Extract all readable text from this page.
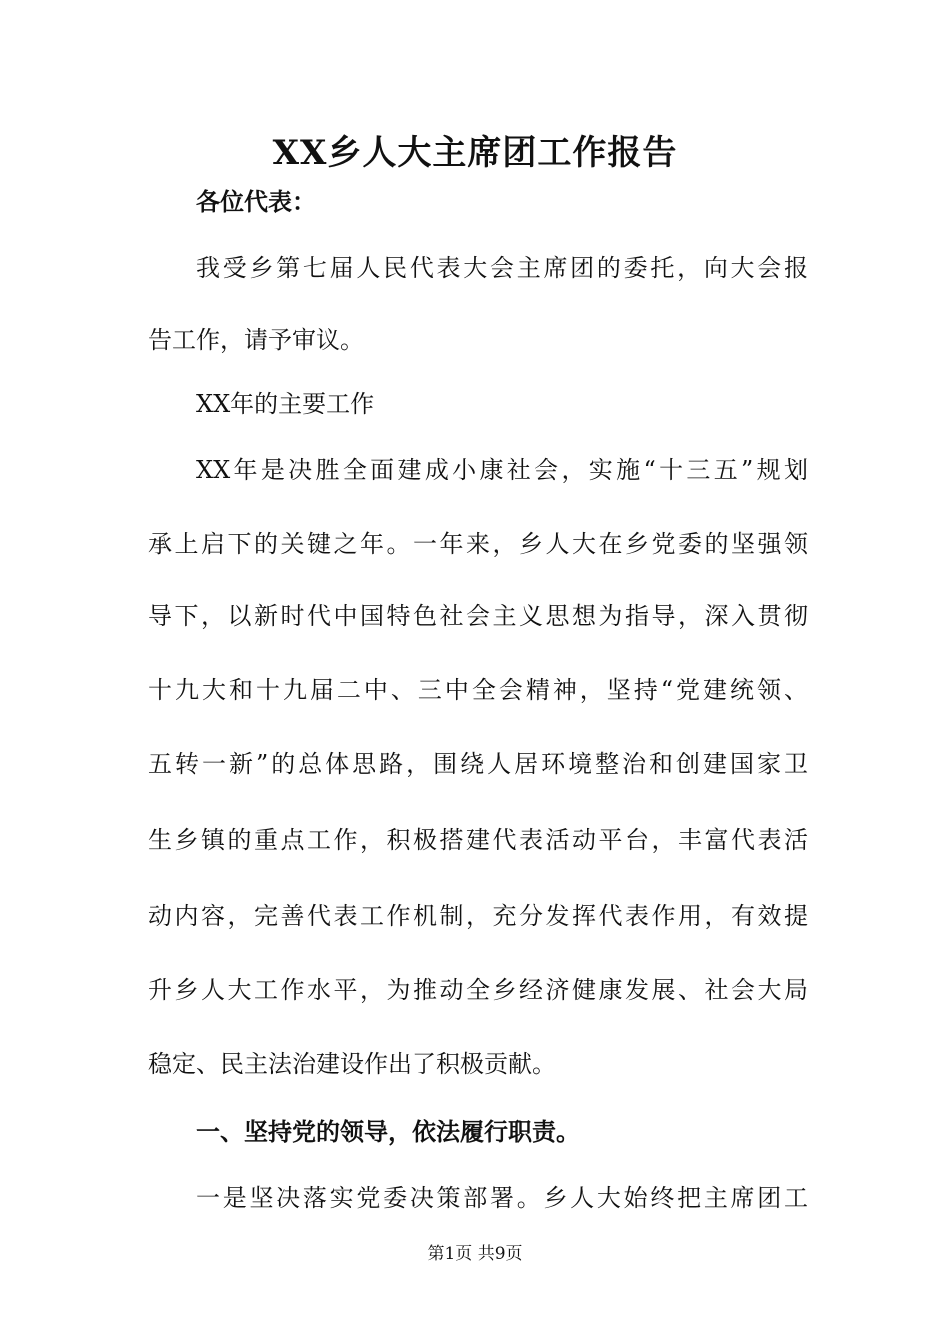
XX乡人大主席团工作报告

各位代表：

我受乡第七届人民代表大会主席团的委托，向大会报

告工作，请予审议。

XX年的主要工作

XX年是决胜全面建成小康社会，实施“十三五”规划

承上启下的关键之年。一年来，乡人大在乡党委的坚强领

导下，以新时代中国特色社会主义思想为指导，深入贯彻

十九大和十九届二中、三中全会精神，坚持“党建统领、

五转一新”的总体思路，围绕人居环境整治和创建国家卫

生乡镇的重点工作，积极搭建代表活动平台，丰富代表活

动内容，完善代表工作机制，充分发挥代表作用，有效提

升乡人大工作水平，为推动全乡经济健康发展、社会大局

稳定、民主法治建设作出了积极贡献。

一、坚持党的领导，依法履行职责。

一是坚决落实党委决策部署。乡人大始终把主席团工

第1页 共9页
